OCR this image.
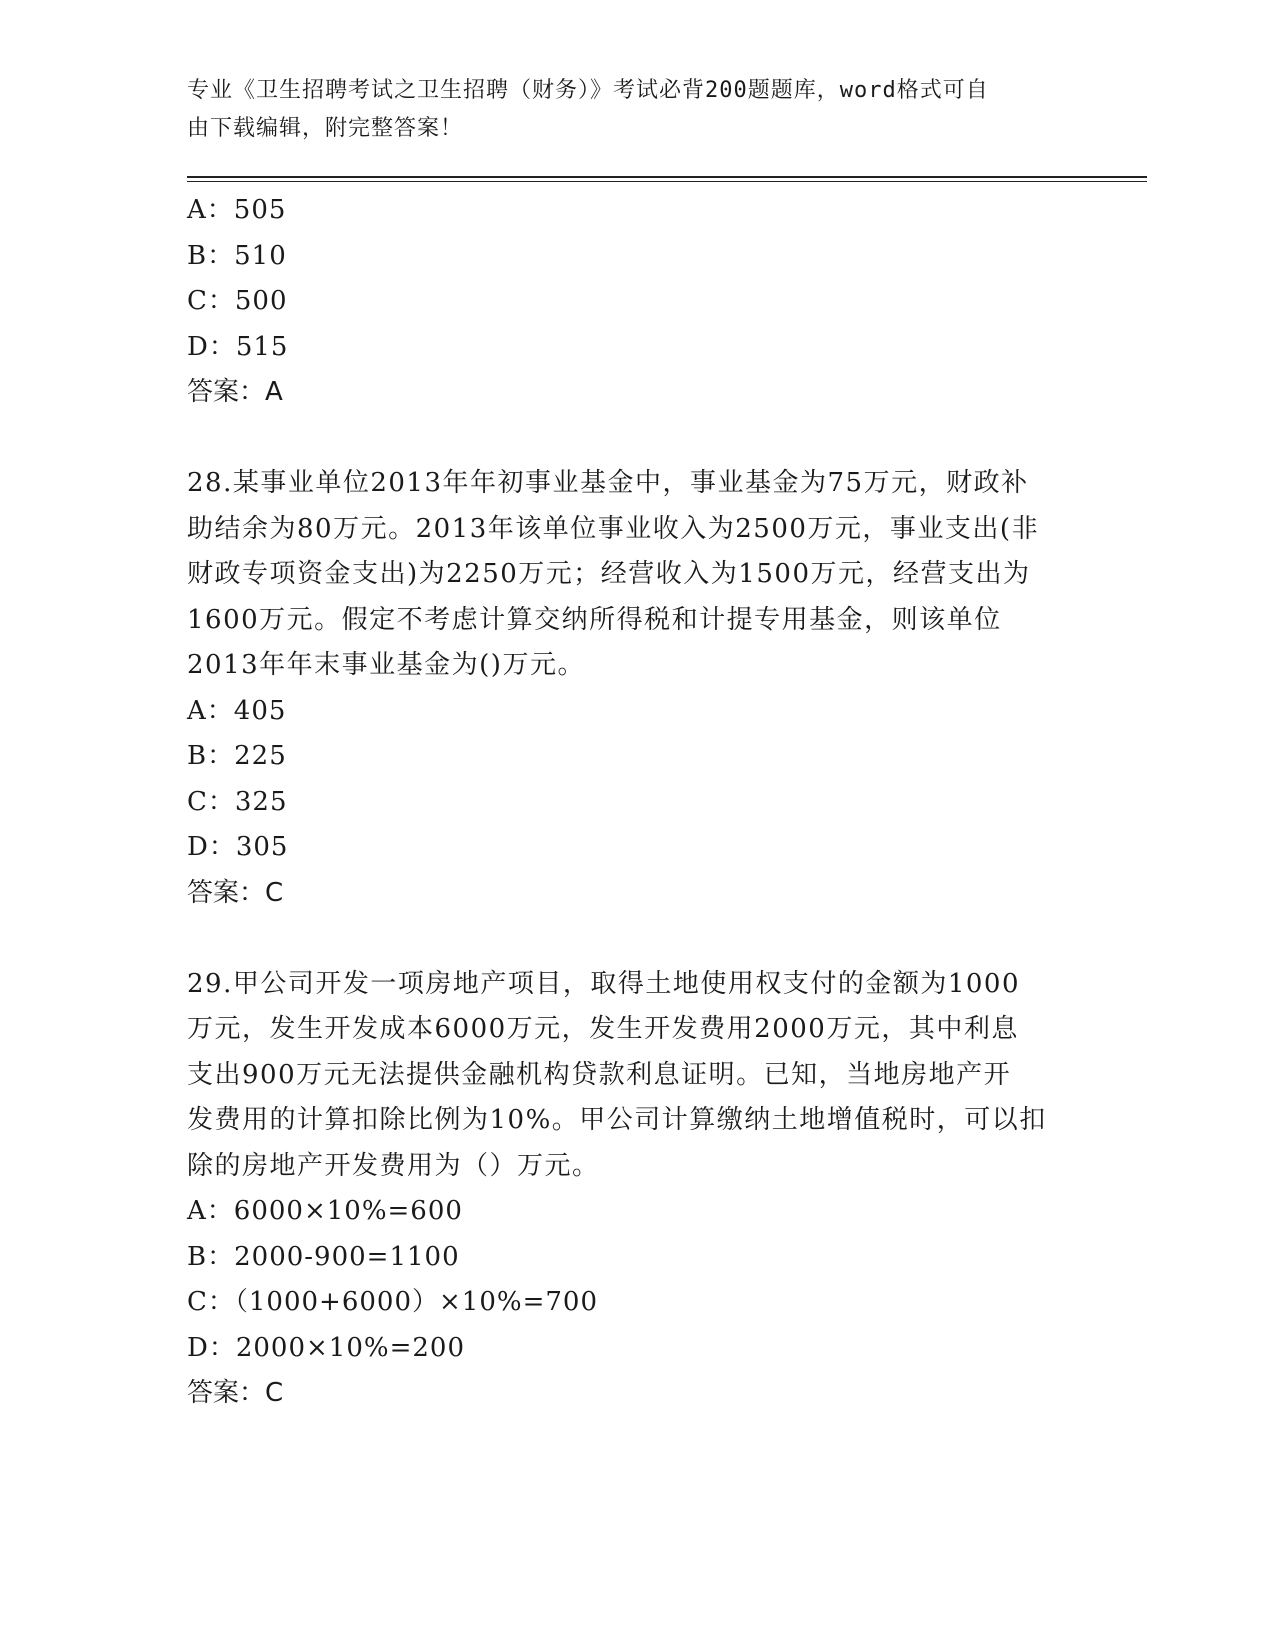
专业《卫生招聘考试之卫生招聘（财务）》考试必背200题题库，word格式可自
由下载编辑，附完整答案！
A：505
B：510
C：500
D：515
答案：A
28.某事业单位2013年年初事业基金中，事业基金为75万元，财政补
助结余为80万元。2013年该单位事业收入为2500万元，事业支出(非
财政专项资金支出)为2250万元；经营收入为1500万元，经营支出为
1600万元。假定不考虑计算交纳所得税和计提专用基金，则该单位
2013年年末事业基金为()万元。
A：405
B：225
C：325
D：305
答案：C
29.甲公司开发一项房地产项目，取得土地使用权支付的金额为1000
万元，发生开发成本6000万元，发生开发费用2000万元，其中利息
支出900万元无法提供金融机构贷款利息证明。已知，当地房地产开
发费用的计算扣除比例为10%。甲公司计算缴纳土地增值税时，可以扣
除的房地产开发费用为（）万元。
A：6000×10%=600
B：2000-900=1100
C：（1000+6000）×10%=700
D：2000×10%=200
答案：C
